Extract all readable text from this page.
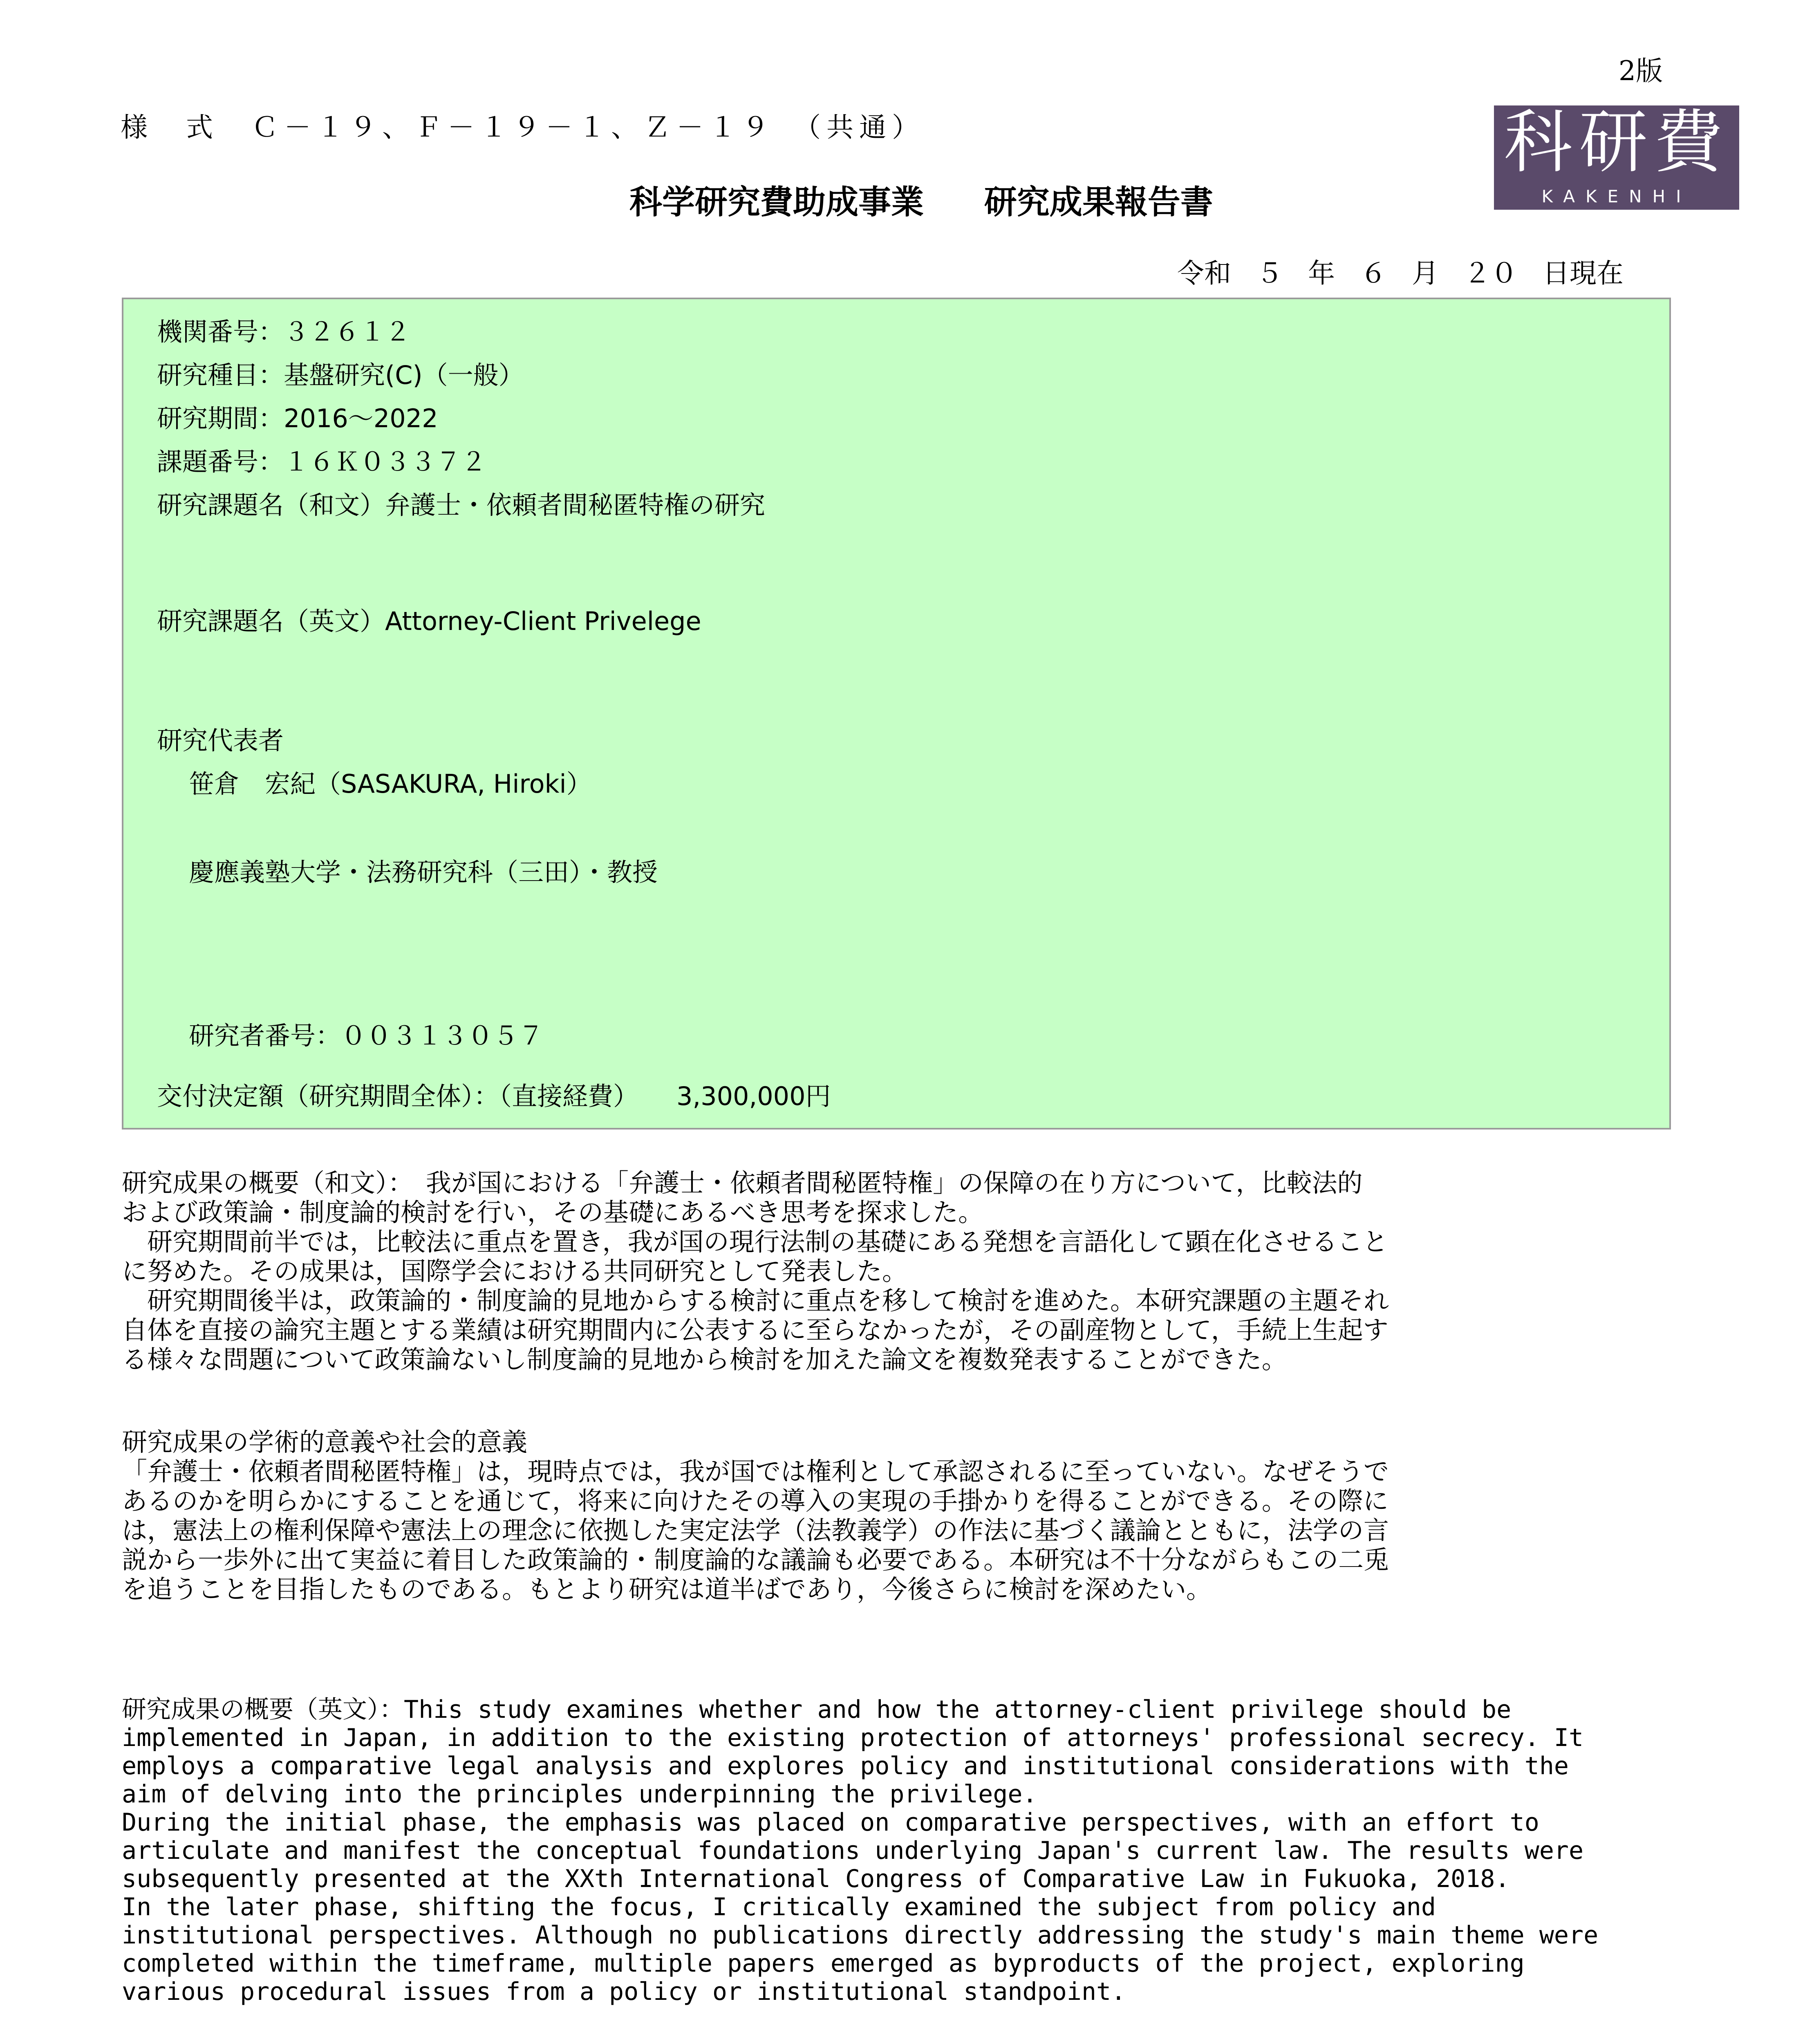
2版
様　式　Ｃ－１９、Ｆ－１９－１、Ｚ－１９　（共通）	科研費
KAKENHI
科学研究費助成事業 研究成果報告書
令和 ５ 年 ６ 月 ２０ 日現在
機関番号：３２６１２
研究種目：基盤研究(C)（一般）
研究期間：2016～2022
課題番号：１６Ｋ０３３７２
研究課題名（和文）弁護士・依頼者間秘匿特権の研究
研究課題名（英文）Attorney-Client Privelege
研究代表者
笹倉　宏紀（SASAKURA, Hiroki）
慶應義塾大学・法務研究科（三田）・教授
研究者番号：００３１３０５７
交付決定額（研究期間全体）：（直接経費）　　3,300,000円
研究成果の概要（和文）：　我が国における「弁護士・依頼者間秘匿特権」の保障の在り方について，比較法的
および政策論・制度論的検討を行い，その基礎にあるべき思考を探求した。
　研究期間前半では，比較法に重点を置き，我が国の現行法制の基礎にある発想を言語化して顕在化させること
に努めた。その成果は，国際学会における共同研究として発表した。
　研究期間後半は，政策論的・制度論的見地からする検討に重点を移して検討を進めた。本研究課題の主題それ
自体を直接の論究主題とする業績は研究期間内に公表するに至らなかったが，その副産物として，手続上生起す
る様々な問題について政策論ないし制度論的見地から検討を加えた論文を複数発表することができた。
研究成果の学術的意義や社会的意義
「弁護士・依頼者間秘匿特権」は，現時点では，我が国では権利として承認されるに至っていない。なぜそうで
あるのかを明らかにすることを通じて，将来に向けたその導入の実現の手掛かりを得ることができる。その際に
は，憲法上の権利保障や憲法上の理念に依拠した実定法学（法教義学）の作法に基づく議論とともに，法学の言
説から一歩外に出て実益に着目した政策論的・制度論的な議論も必要である。本研究は不十分ながらもこの二兎
を追うことを目指したものである。もとより研究は道半ばであり，今後さらに検討を深めたい。
研究成果の概要（英文）：This study examines whether and how the attorney-client privilege should be
implemented in Japan, in addition to the existing protection of attorneys' professional secrecy. It
employs a comparative legal analysis and explores policy and institutional considerations with the
aim of delving into the principles underpinning the privilege.
During the initial phase, the emphasis was placed on comparative perspectives, with an effort to
articulate and manifest the conceptual foundations underlying Japan's current law. The results were
subsequently presented at the XXth International Congress of Comparative Law in Fukuoka, 2018.
In the later phase, shifting the focus, I critically examined the subject from policy and
institutional perspectives. Although no publications directly addressing the study's main theme were
completed within the timeframe, multiple papers emerged as byproducts of the project, exploring
various procedural issues from a policy or institutional standpoint.
